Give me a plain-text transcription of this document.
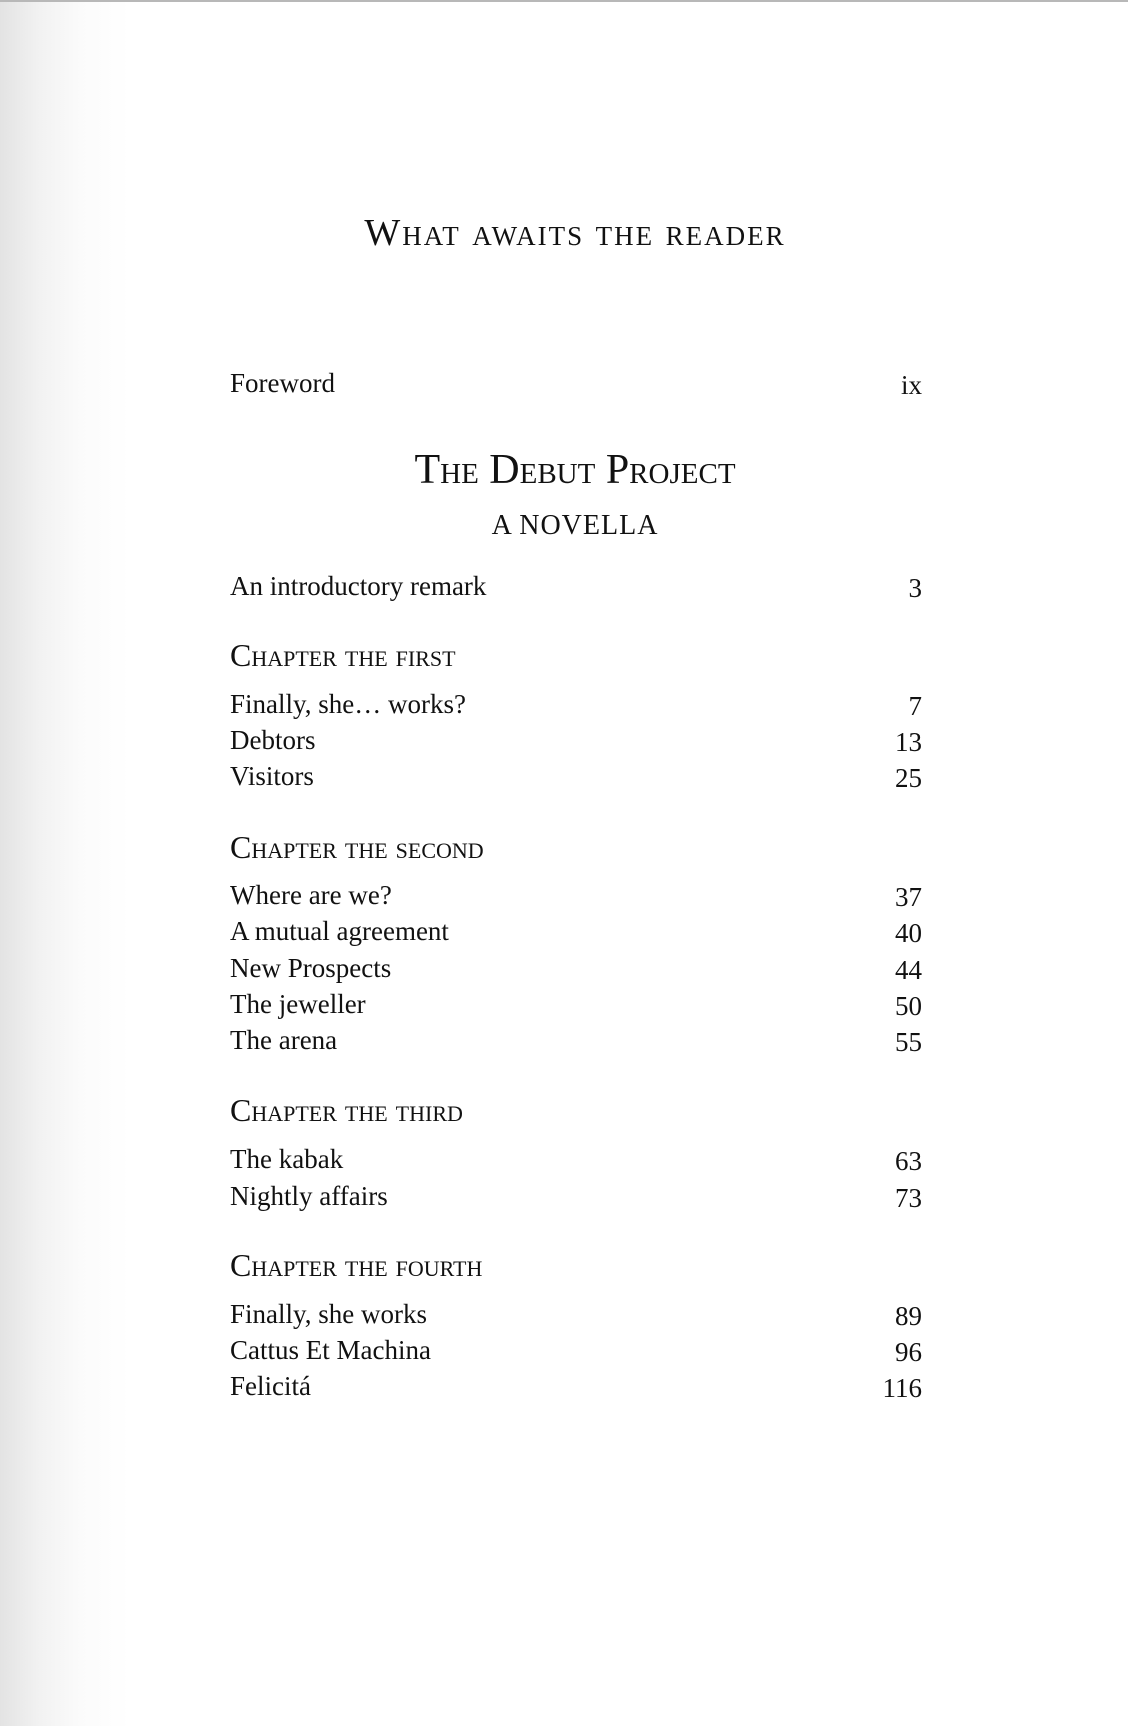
What awaits the reader
Foreword	ix
The Debut Project
A NOVELLA
An introductory remark	3
Chapter the first
Finally, she… works?	7
Debtors	13
Visitors	25
Chapter the second
Where are we?	37
A mutual agreement	40
New Prospects	44
The jeweller	50
The arena	55
Chapter the third
The kabak	63
Nightly affairs	73
Chapter the fourth
Finally, she works	89
Cattus Et Machina	96
Felicitá	116
